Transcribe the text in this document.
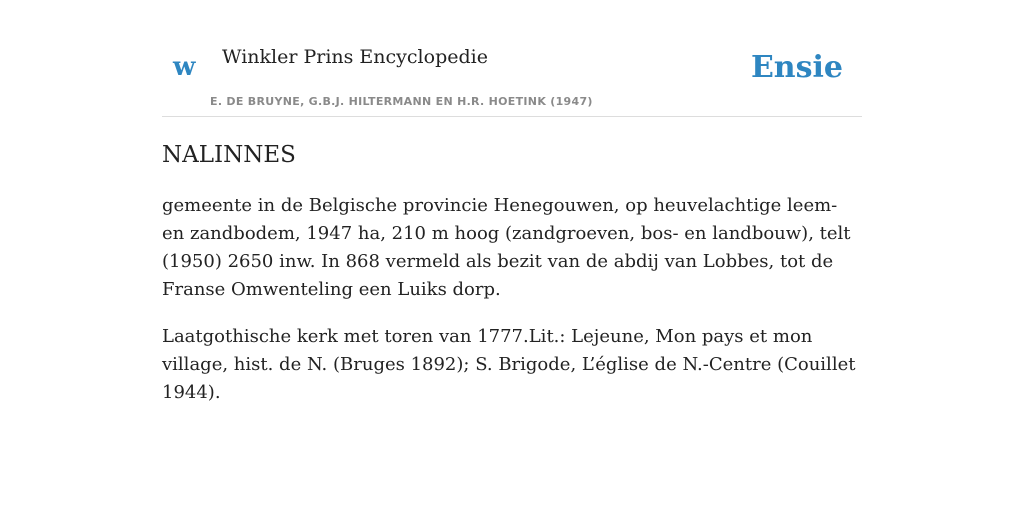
w Winkler Prins Encyclopedie
E. DE BRUYNE, G.B.J. HILTERMANN EN H.R. HOETINK (1947)
Ensie
NALINNES

gemeente in de Belgische provincie Henegouwen, op heuvelachtige leem- en zandbodem, 1947 ha, 210 m hoog (zandgroeven, bos- en landbouw), telt (1950) 2650 inw. In 868 vermeld als bezit van de abdij van Lobbes, tot de Franse Omwenteling een Luiks dorp.

Laatgothische kerk met toren van 1777.Lit.: Lejeune, Mon pays et mon village, hist. de N. (Bruges 1892); S. Brigode, L’église de N.-Centre (Couillet 1944).
